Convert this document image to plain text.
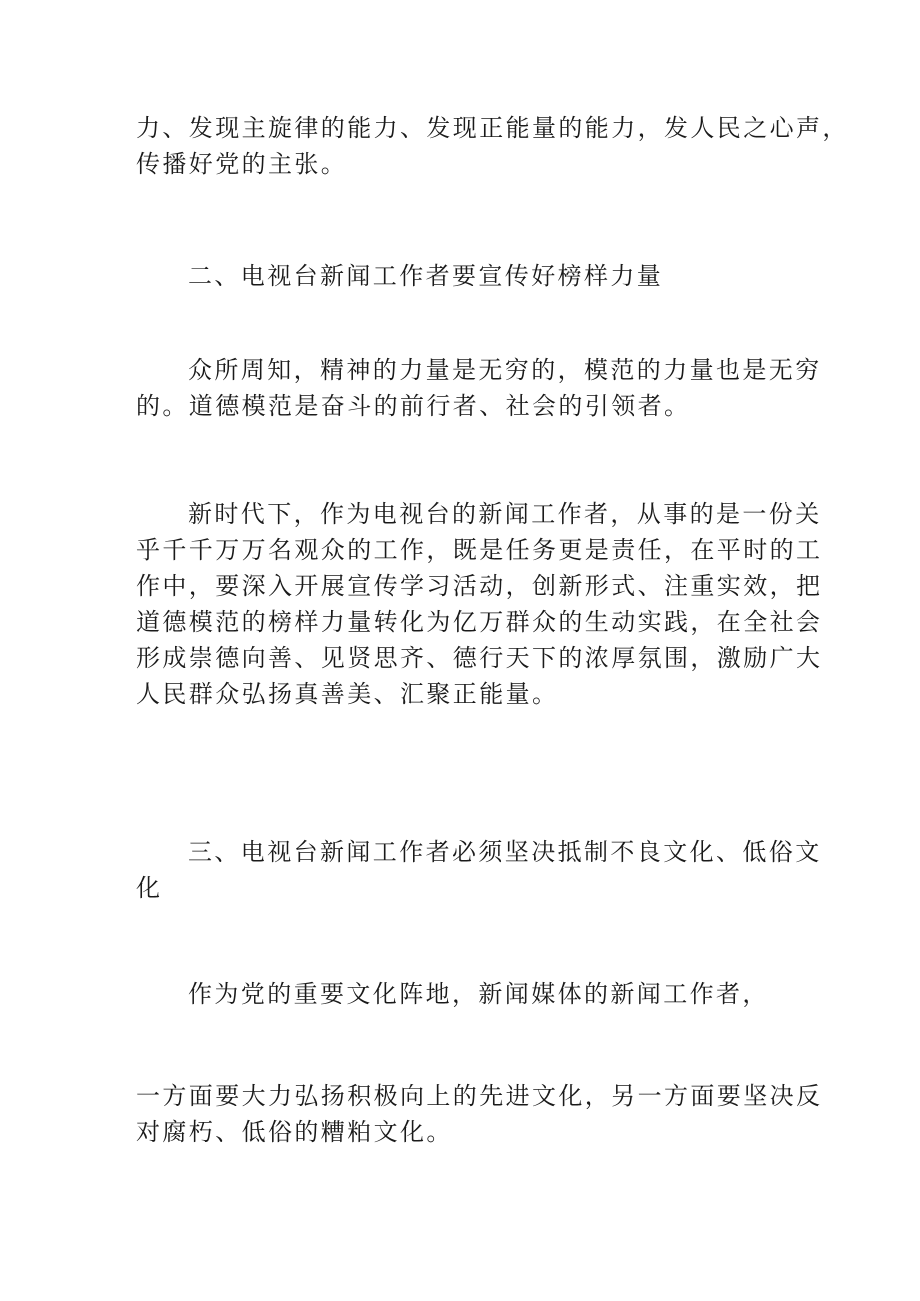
力、发现主旋律的能力、发现正能量的能力，发人民之心声，
传播好党的主张。
二、电视台新闻工作者要宣传好榜样力量
众所周知，精神的力量是无穷的，模范的力量也是无穷
的。道德模范是奋斗的前行者、社会的引领者。
新时代下，作为电视台的新闻工作者，从事的是一份关
乎千千万万名观众的工作，既是任务更是责任，在平时的工
作中，要深入开展宣传学习活动，创新形式、注重实效，把
道德模范的榜样力量转化为亿万群众的生动实践，在全社会
形成崇德向善、见贤思齐、德行天下的浓厚氛围，激励广大
人民群众弘扬真善美、汇聚正能量。
三、电视台新闻工作者必须坚决抵制不良文化、低俗文
化
作为党的重要文化阵地，新闻媒体的新闻工作者，
一方面要大力弘扬积极向上的先进文化，另一方面要坚决反
对腐朽、低俗的糟粕文化。
